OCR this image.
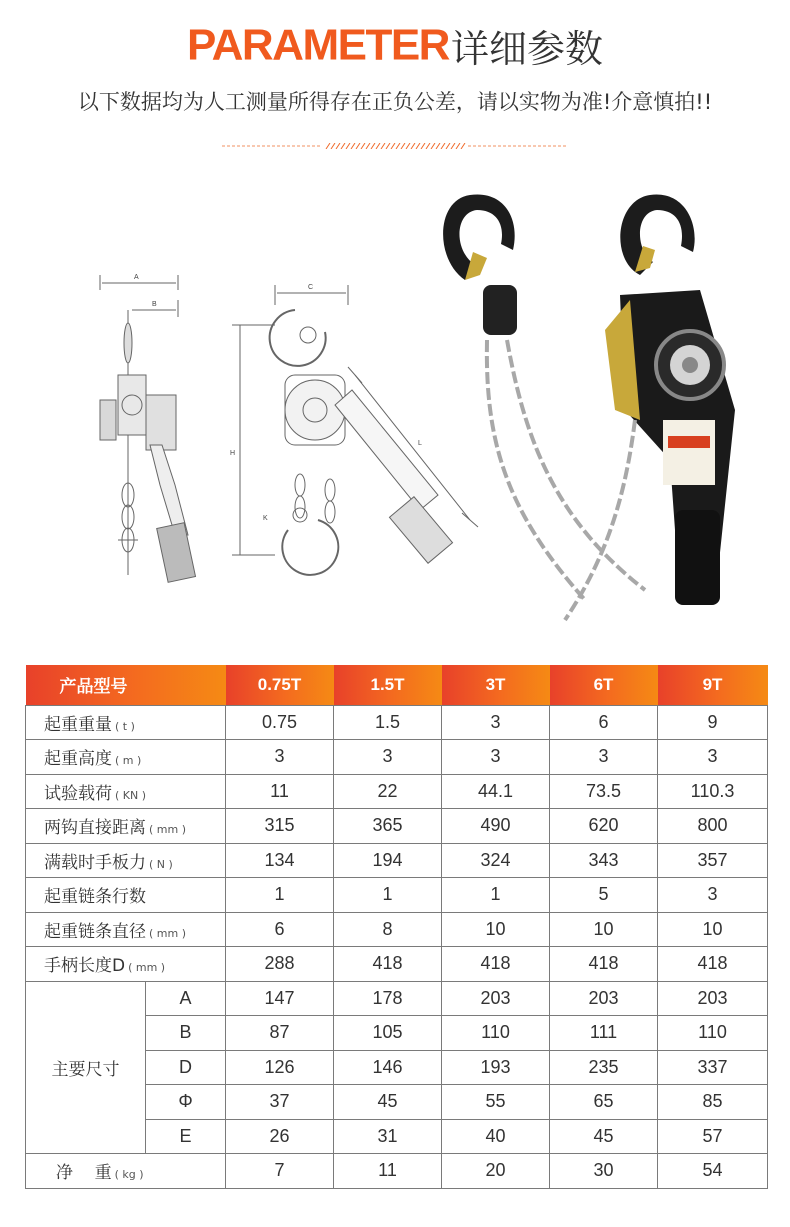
PARAMETER详细参数
以下数据均为人工测量所得存在正负公差，请以实物为准!介意慎拍!!
A
B
C
H
K
L
产品型号		0.75T	1.5T	3T	6T	9T
起重重量 ( t )		0.75	1.5	3	6	9
起重高度 ( m )		3	3	3	3	3
试验载荷 ( KN )		11	22	44.1	73.5	110.3
两钩直接距离 ( mm )		315	365	490	620	800
满载时手板力 ( N )		134	194	324	343	357
起重链条行数		1	1	1	5	3
起重链条直径 ( mm )		6	8	10	10	10
手柄长度D ( mm )		288	418	418	418	418
主要尺寸	A	147	178	203	203	203
	B	87	105	110	111	110
	D	126	146	193	235	337
	Φ	37	45	55	65	85
	E	26	31	40	45	57
净    重 ( kg )		7	11	20	30	54
